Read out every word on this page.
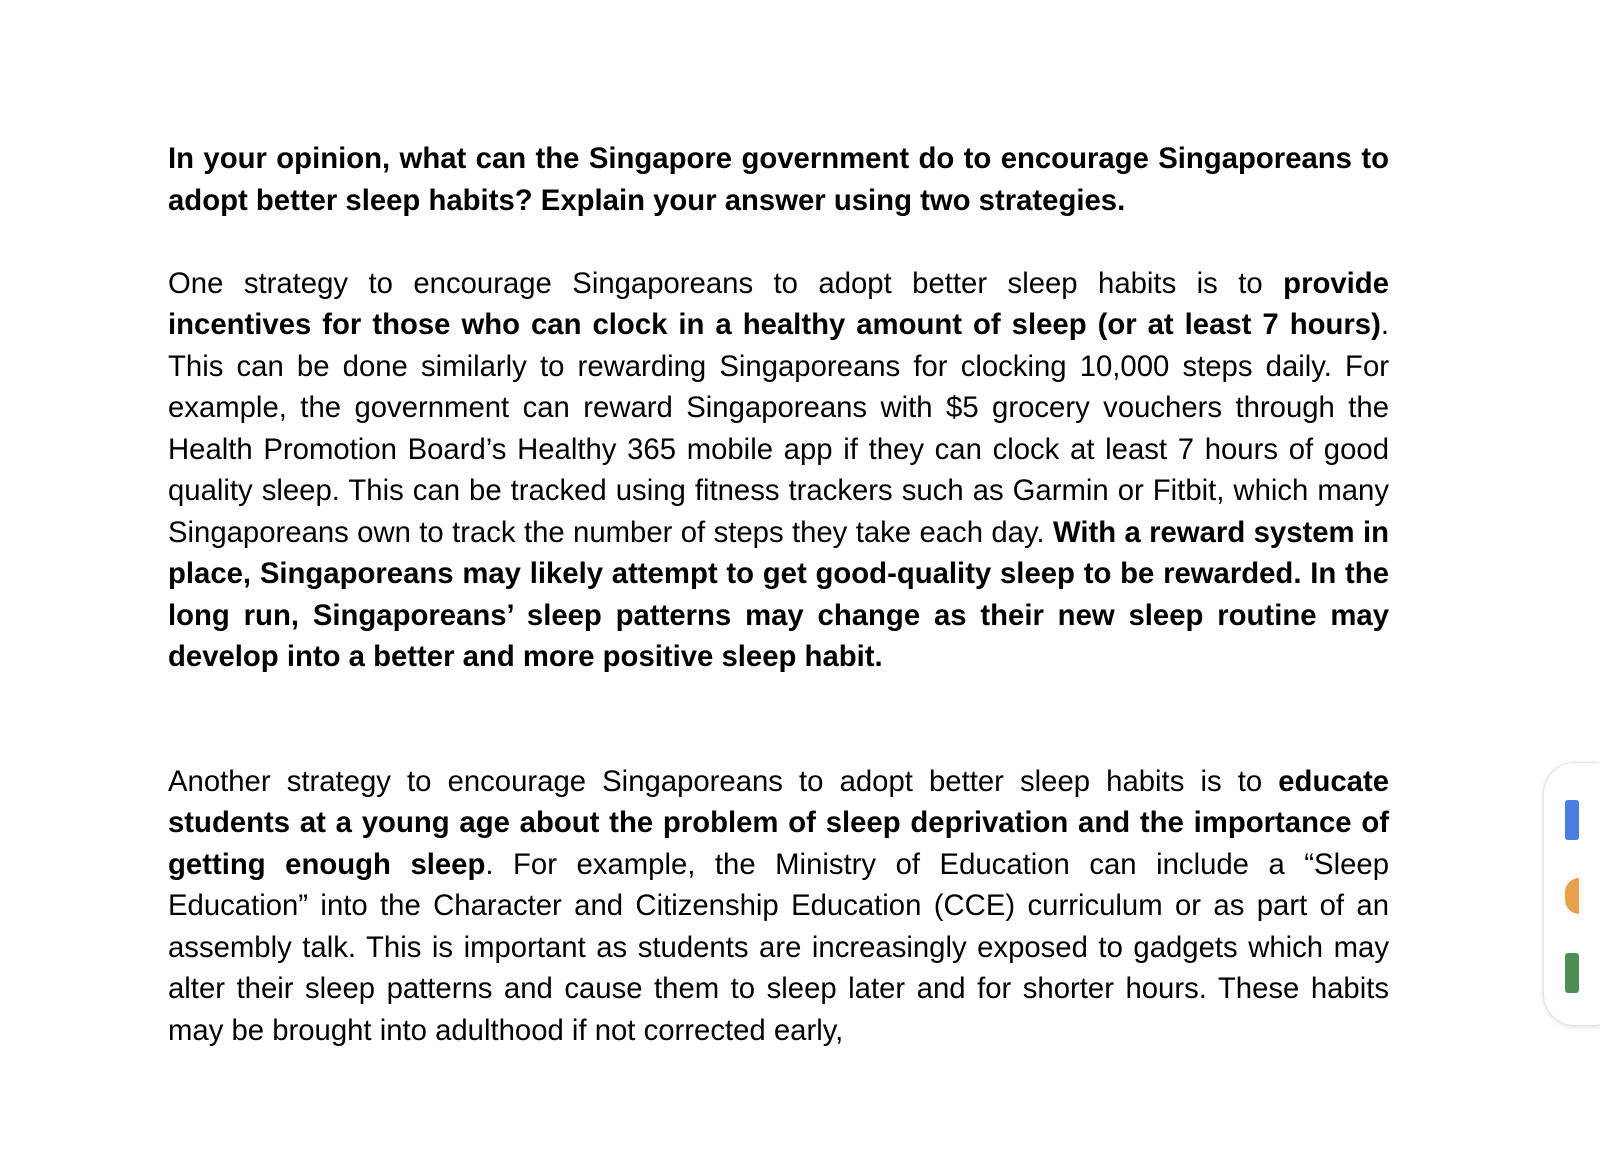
In your opinion, what can the Singapore government do to encourage Singaporeans to adopt better sleep habits? Explain your answer using two strategies.

One strategy to encourage Singaporeans to adopt better sleep habits is to provide incentives for those who can clock in a healthy amount of sleep (or at least 7 hours). This can be done similarly to rewarding Singaporeans for clocking 10,000 steps daily. For example, the government can reward Singaporeans with $5 grocery vouchers through the Health Promotion Board’s Healthy 365 mobile app if they can clock at least 7 hours of good quality sleep. This can be tracked using fitness trackers such as Garmin or Fitbit, which many Singaporeans own to track the number of steps they take each day. With a reward system in place, Singaporeans may likely attempt to get good-quality sleep to be rewarded. In the long run, Singaporeans’ sleep patterns may change as their new sleep routine may develop into a better and more positive sleep habit.

Another strategy to encourage Singaporeans to adopt better sleep habits is to educate students at a young age about the problem of sleep deprivation and the importance of getting enough sleep. For example, the Ministry of Education can include a “Sleep Education” into the Character and Citizenship Education (CCE) curriculum or as part of an assembly talk. This is important as students are increasingly exposed to gadgets which may alter their sleep patterns and cause them to sleep later and for shorter hours. These habits may be brought into adulthood if not corrected early,
